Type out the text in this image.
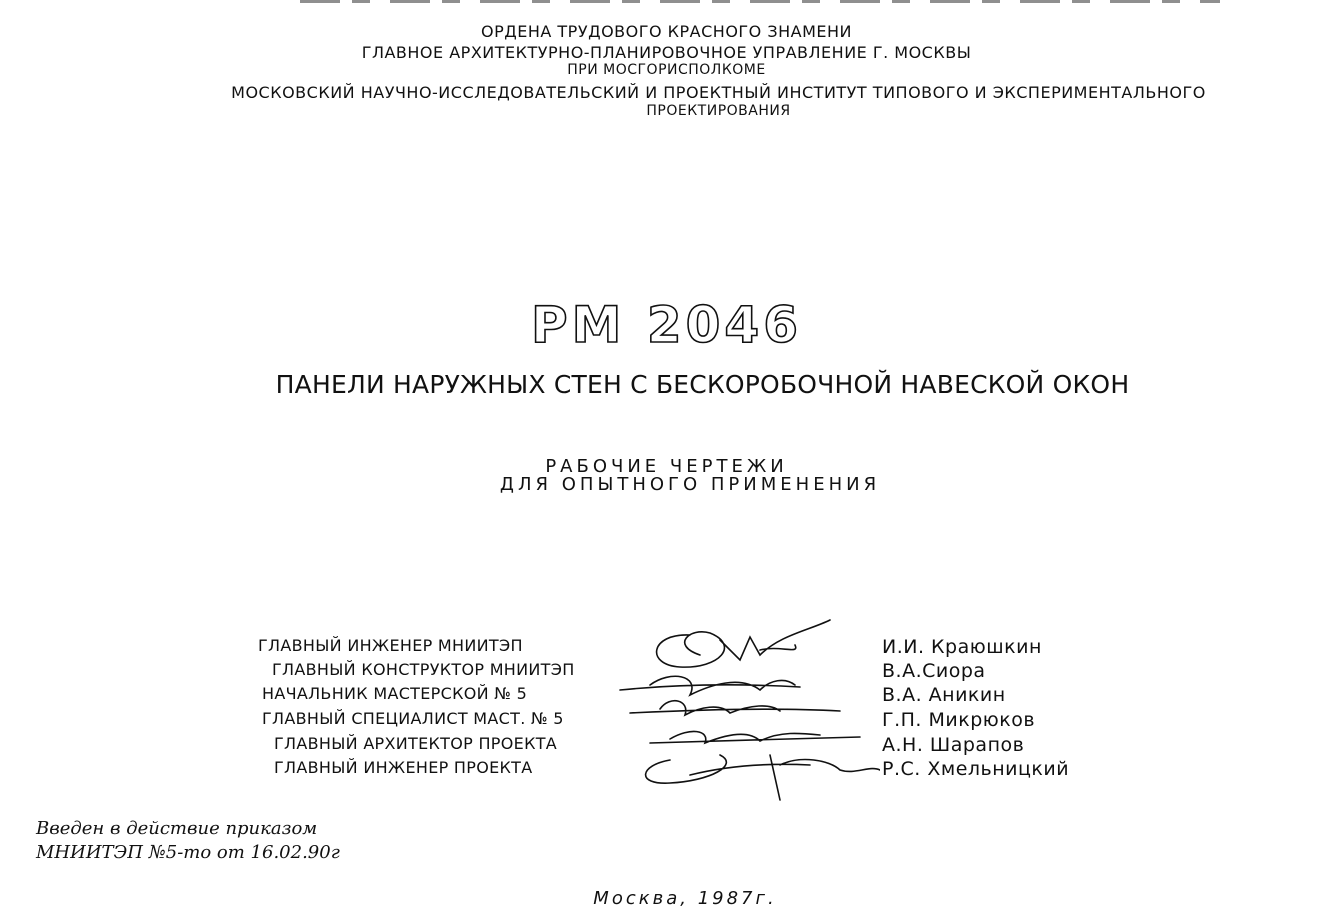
ОРДЕНА ТРУДОВОГО КРАСНОГО ЗНАМЕНИ
ГЛАВНОЕ АРХИТЕКТУРНО-ПЛАНИРОВОЧНОЕ УПРАВЛЕНИЕ Г. МОСКВЫ
ПРИ МОСГОРИСПОЛКОМЕ
МОСКОВСКИЙ НАУЧНО-ИССЛЕДОВАТЕЛЬСКИЙ И ПРОЕКТНЫЙ ИНСТИТУТ ТИПОВОГО И ЭКСПЕРИМЕНТАЛЬНОГО
ПРОЕКТИРОВАНИЯ
РМ 2046
ПАНЕЛИ НАРУЖНЫХ СТЕН С БЕСКОРОБОЧНОЙ НАВЕСКОЙ ОКОН
РАБОЧИЕ ЧЕРТЕЖИ
ДЛЯ ОПЫТНОГО ПРИМЕНЕНИЯ
ГЛАВНЫЙ ИНЖЕНЕР МНИИТЭП
ГЛАВНЫЙ КОНСТРУКТОР МНИИТЭП
НАЧАЛЬНИК МАСТЕРСКОЙ № 5
ГЛАВНЫЙ СПЕЦИАЛИСТ МАСТ. № 5
ГЛАВНЫЙ АРХИТЕКТОР ПРОЕКТА
ГЛАВНЫЙ ИНЖЕНЕР ПРОЕКТА
И.И. Краюшкин
В.А.Сиора
В.А. Аникин
Г.П. Микрюков
А.Н. Шарапов
Р.С. Хмельницкий
Введен в действие приказом
МНИИТЭП №5-то от 16.02.90г
Москва, 1987г.
